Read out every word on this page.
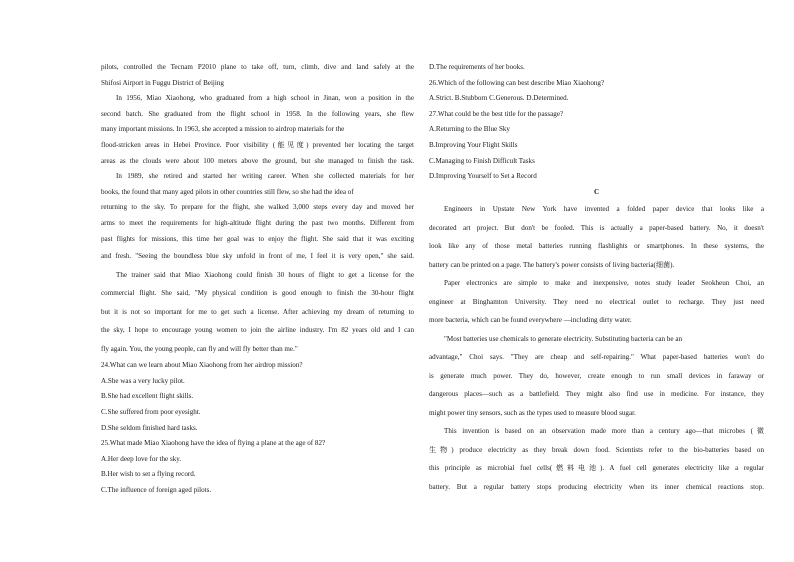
pilots, controlled the Tecnam P2010 plane to take off, turn, climb, dive and land safely at the
Shifosi Airport in Fuggu District of Beijing
In 1956, Miao Xiaohong, who graduated from a high school in Jinan, won a position in the
second batch. She graduated from the flight school in 1958. In the following years, she flew
many important missions. In 1963, she accepted a mission to airdrop materials for the
flood-stricken areas in Hebei Province. Poor visibility (能见度) prevented her locating the target
areas as the clouds were about 100 meters above the ground, but she managed to finish the task.
In 1989, she retired and started her writing career. When she collected materials for her
books, the found that many aged pilots in other countries still flew, so she had the idea of
returning to the sky. To prepare for the flight, she walked 3,000 steps every day and moved her
arms to meet the requirements for high-altitude flight during the past two months. Different from
past flights for missions, this time her goal was to enjoy the flight. She said that it was exciting
and fresh. "Seeing the boundless blue sky unfold in front of me, I feel it is very open," she said.
The trainer said that Miao Xiaohong could finish 30 hours of flight to get a license for the
commercial flight. She said, "My physical condition is good enough to finish the 30-hour flight
but it is not so important for me to get such a license. After achieving my dream of returning to
the sky, I hope to encourage young women to join the airline industry. I'm 82 years old and I can
fly again. You, the young people, can fly and will fly better than me."
24.What can we learn about Miao Xiaohong from her airdrop mission?
A.She was a very lucky pilot.
B.She had excellent flight skills.
C.She suffered from poor eyesight.
D.She seldom finished hard tasks.
25.What made Miao Xiaohong have the idea of flying a plane at the age of 82?
A.Her deep love for the sky.
B.Her wish to set a flying record.
C.The influence of foreign aged pilots.
D.The requirements of her books.
26.Which of the following can best describe Miao Xiaohong?
A.Strict. B.Stubborn C.Generous. D.Determined.
27.What could be the best title for the passage?
A.Returning to the Blue Sky
B.Improving Your Flight Skills
C.Managing to Finish Difficult Tasks
D.Improving Yourself to Set a Record
C
Engineers in Upstate New York have invented a folded paper device that looks like a
decorated art project. But don't be fooled. This is actually a paper-based battery. No, it doesn't
look like any of those metal batteries running flashlights or smartphones. In these systems, the
battery can be printed on a page. The battery's power consists of living bacteria(细菌).
Paper electronics are simple to make and inexpensive, notes study leader Seokheun Choi, an
engineer at Binghamton University. They need no electrical outlet to recharge. They just need
more bacteria, which can be found everywhere —including dirty water.
"Most batteries use chemicals to generate electricity. Substituting bacteria can be an
advantage," Choi says. "They are cheap and self-repairing." What paper-based batteries won't do
is generate much power. They do, however, create enough to run small devices in faraway or
dangerous places—such as a battlefield. They might also find use in medicine. For instance, they
might power tiny sensors, such as the types used to measure blood sugar.
This invention is based on an observation made more than a century ago—that microbes (微
生物) produce electricity as they break down food. Scientists refer to the bio-batteries based on
this principle as microbial fuel cells(燃料电池). A fuel cell generates electricity like a regular
battery. But a regular battery stops producing electricity when its inner chemical reactions stop.
